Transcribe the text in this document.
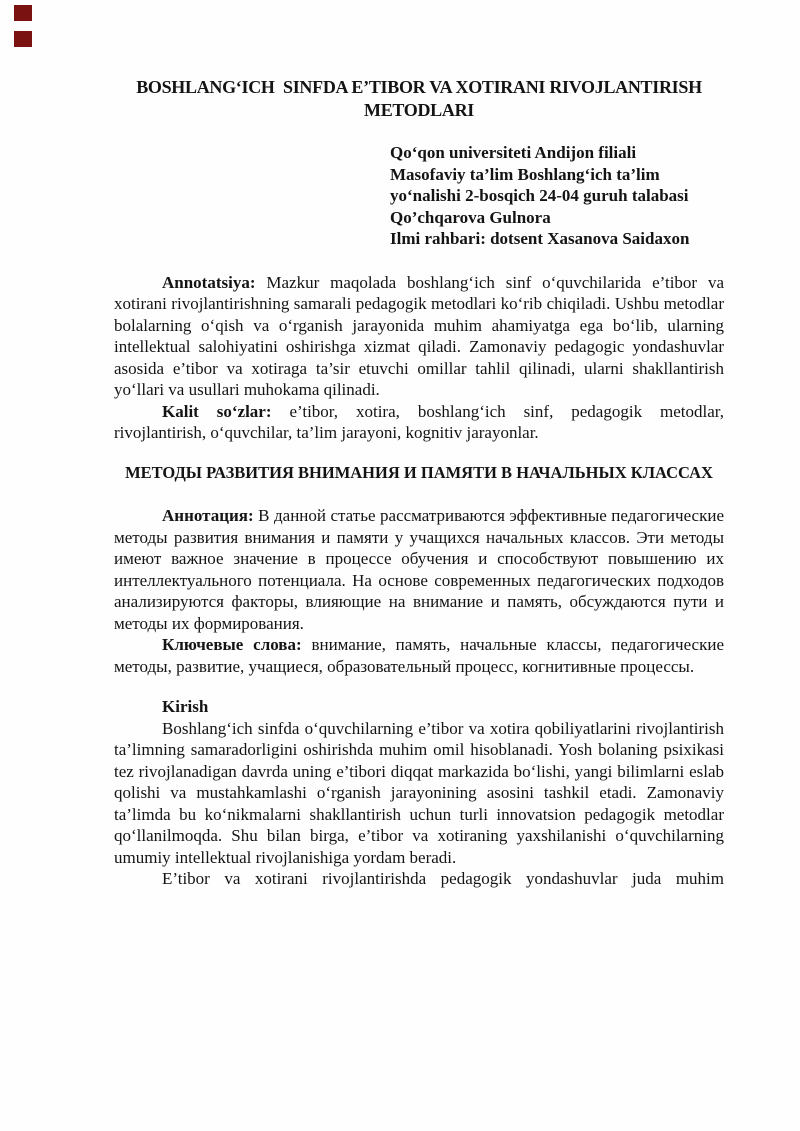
BOSHLANG‘ICH  SINFDA E’TIBOR VA XOTIRANI RIVOJLANTIRISH
METODLARI
Qo‘qon universiteti Andijon filiali
Masofaviy ta’lim Boshlang‘ich ta’lim
yo‘nalishi 2-bosqich 24-04 guruh talabasi
Qo’chqarova Gulnora
Ilmi rahbari: dotsent Xasanova Saidaxon

Annotatsiya: Mazkur maqolada boshlang‘ich sinf o‘quvchilarida e’tibor va xotirani rivojlantirishning samarali pedagogik metodlari ko‘rib chiqiladi. Ushbu metodlar bolalarning o‘qish va o‘rganish jarayonida muhim ahamiyatga ega bo‘lib, ularning intellektual salohiyatini oshirishga xizmat qiladi. Zamonaviy pedagogic yondashuvlar asosida e’tibor va xotiraga ta’sir etuvchi omillar tahlil qilinadi, ularni shakllantirish yo‘llari va usullari muhokama qilinadi.

Kalit so‘zlar: e’tibor, xotira, boshlang‘ich sinf, pedagogik metodlar, rivojlantirish, o‘quvchilar, ta’lim jarayoni, kognitiv jarayonlar.

МЕТОДЫ РАЗВИТИЯ ВНИМАНИЯ И ПАМЯТИ В НАЧАЛЬНЫХ КЛАССАХ

Аннотация: В данной статье рассматриваются эффективные педагогические методы развития внимания и памяти у учащихся начальных классов. Эти методы имеют важное значение в процессе обучения и способствуют повышению их интеллектуального потенциала. На основе современных педагогических подходов анализируются факторы, влияющие на внимание и память, обсуждаются пути и методы их формирования.

Ключевые слова: внимание, память, начальные классы, педагогические методы, развитие, учащиеся, образовательный процесс, когнитивные процессы.

Kirish

Boshlang‘ich sinfda o‘quvchilarning e’tibor va xotira qobiliyatlarini rivojlantirish ta’limning samaradorligini oshirishda muhim omil hisoblanadi. Yosh bolaning psixikasi tez rivojlanadigan davrda uning e’tibori diqqat markazida bo‘lishi, yangi bilimlarni eslab qolishi va mustahkamlashi o‘rganish jarayonining asosini tashkil etadi. Zamonaviy ta’limda bu ko‘nikmalarni shakllantirish uchun turli innovatsion pedagogik metodlar qo‘llanilmoqda. Shu bilan birga, e’tibor va xotiraning yaxshilanishi o‘quvchilarning umumiy intellektual rivojlanishiga yordam beradi.

E’tibor va xotirani rivojlantirishda pedagogik yondashuvlar juda muhim
